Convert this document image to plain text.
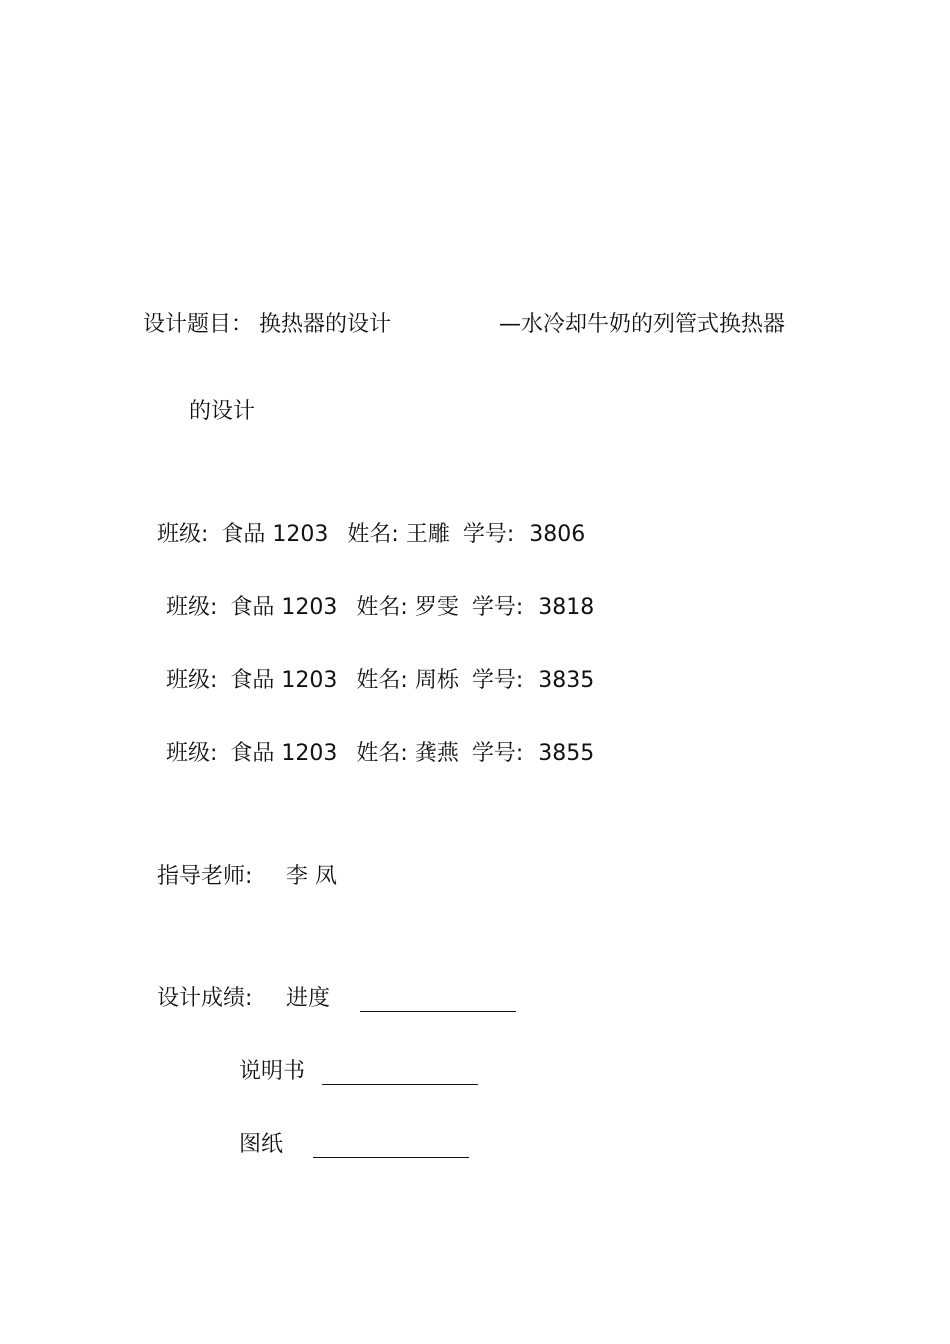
设计题目： 换热器的设计	—水冷却牛奶的列管式换热器
的设计
班级: 食品 1203 姓名: 王雕 学号: 3806
班级: 食品 1203 姓名: 罗雯 学号: 3818
班级: 食品 1203 姓名: 周栎 学号: 3835
班级: 食品 1203 姓名: 龚燕 学号: 3855
指导老师: 李 凤
设计成绩: 进度
说明书
图纸
